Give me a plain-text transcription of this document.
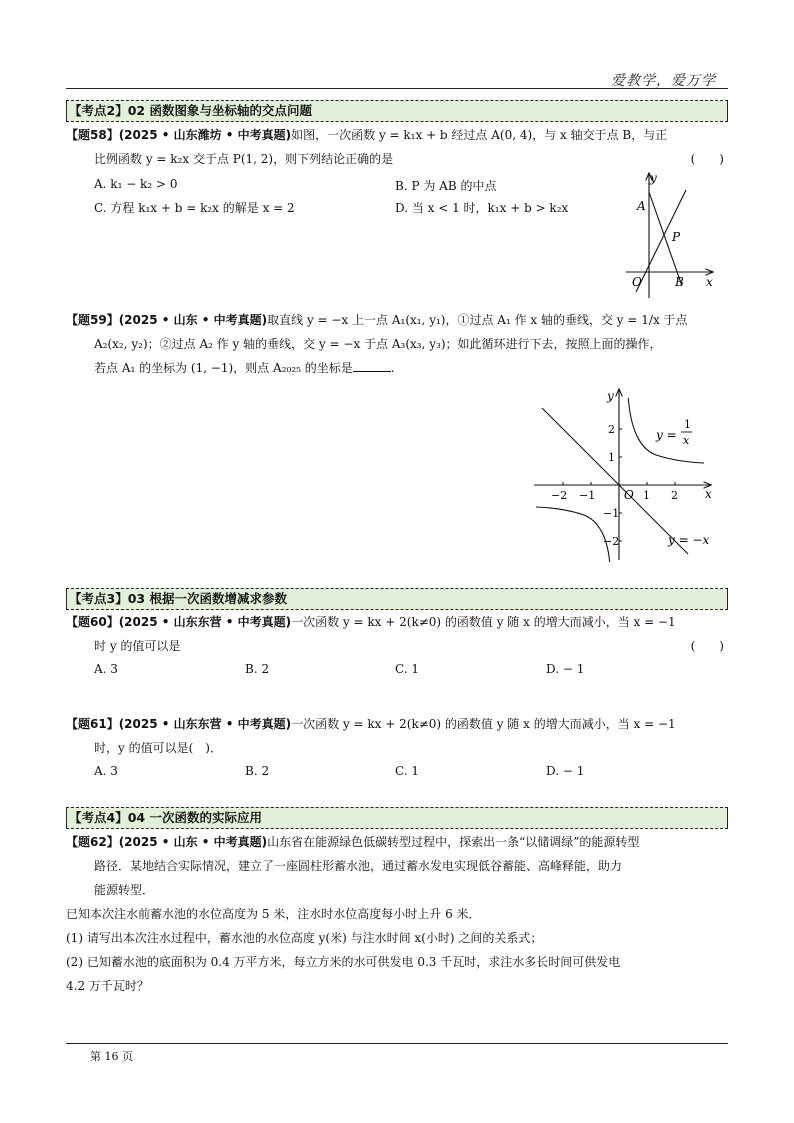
爱教学，爱万学
【考点2】02 函数图象与坐标轴的交点问题
【题58】(2025 • 山东潍坊 • 中考真题)如图，一次函数 y = k₁x + b 经过点 A(0, 4)，与 x 轴交于点 B，与正
比例函数 y = k₂x 交于点 P(1, 2)，则下列结论正确的是	(　　)
A. k₁ − k₂ > 0	B. P 为 AB 的中点
C. 方程 k₁x + b = k₂x 的解是 x = 2	D. 当 x < 1 时，k₁x + b > k₂x
y
x
A
P
O	B
【题59】(2025 • 山东 • 中考真题)取直线 y = −x 上一点 A₁(x₁, y₁)，①过点 A₁ 作 x 轴的垂线，交 y = 1/x 于点
A₂(x₂, y₂)；②过点 A₂ 作 y 轴的垂线，交 y = −x 于点 A₃(x₃, y₃)；如此循环进行下去，按照上面的操作，
若点 A₁ 的坐标为 (1, −1)，则点 A₂₀₂₅ 的坐标是	.
y
x
O
−2 −1	1 2
2
1
−1
−2
y =
1
x
y = −x
【考点3】03 根据一次函数增减求参数
【题60】(2025 • 山东东营 • 中考真题)一次函数 y = kx + 2(k≠0) 的函数值 y 随 x 的增大而减小，当 x = −1
时 y 的值可以是	(　　)
A. 3	B. 2	C. 1	D. − 1
【题61】(2025 • 山东东营 • 中考真题)一次函数 y = kx + 2(k≠0) 的函数值 y 随 x 的增大而减小，当 x = −1
时，y 的值可以是(　)．
A. 3	B. 2	C. 1	D. − 1
【考点4】04 一次函数的实际应用
【题62】(2025 • 山东 • 中考真题)山东省在能源绿色低碳转型过程中，探索出一条“以储调绿”的能源转型
路径．某地结合实际情况，建立了一座圆柱形蓄水池，通过蓄水发电实现低谷蓄能、高峰释能，助力
能源转型．
已知本次注水前蓄水池的水位高度为 5 米，注水时水位高度每小时上升 6 米．
(1) 请写出本次注水过程中，蓄水池的水位高度 y(米) 与注水时间 x(小时) 之间的关系式；
(2) 已知蓄水池的底面积为 0.4 万平方米，每立方米的水可供发电 0.3 千瓦时，求注水多长时间可供发电
4.2 万千瓦时？
第 16 页
